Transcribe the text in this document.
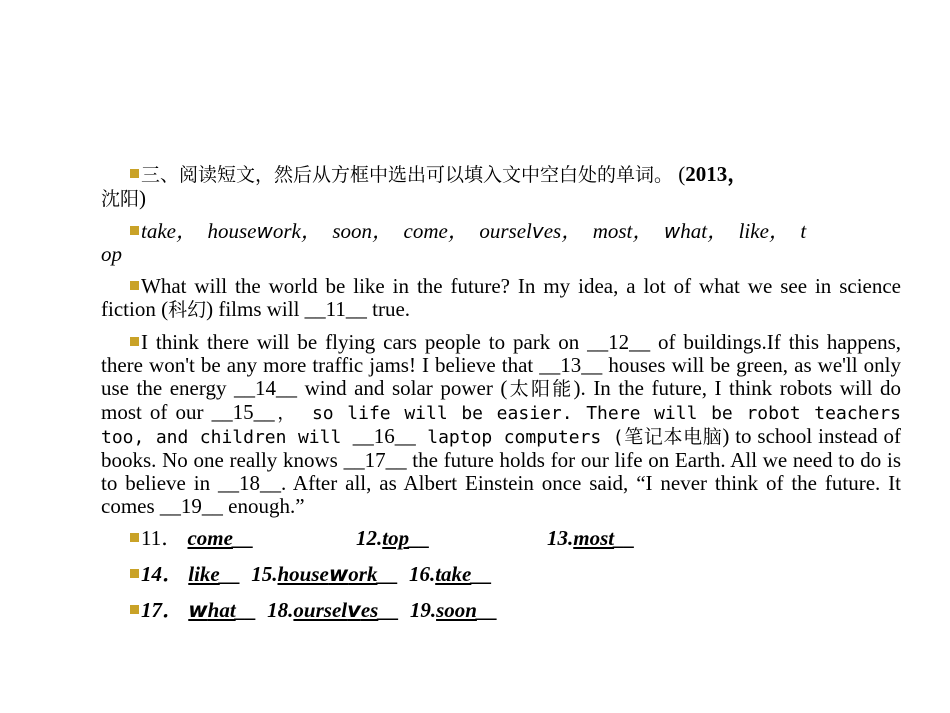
三、阅读短文，然后从方框中选出可以填入文中空白处的单词。 (2013，
沈阳)
take，  housework，  soon，  come，  ourselves，  most，  what，  like，  t
op
What will the world be like in the future? In my idea, a lot of what we see in science fiction (科幻) films will __11__ true.
I think there will be flying cars people to park on __12__ of buildings.If this happens, there won't be any more traffic jams! I believe that __13__ houses will be green, as we'll only use the energy __14__ wind and solar power (太阳能). In the future, I think robots will do most of our __15__， so life will be easier. There will be robot teachers too, and children will __16__ laptop computers (笔记本电脑) to school instead of books. No one really knows __17__ the future holds for our life on Earth. All we need to do is to believe in __18__. After all, as Albert Einstein once said, “I never think of the future. It comes __19__ enough.”
11． come__	12.top__	13.most__
14． like__  15.housework__  16.take__
17． what__  18.ourselves__  19.soon__
